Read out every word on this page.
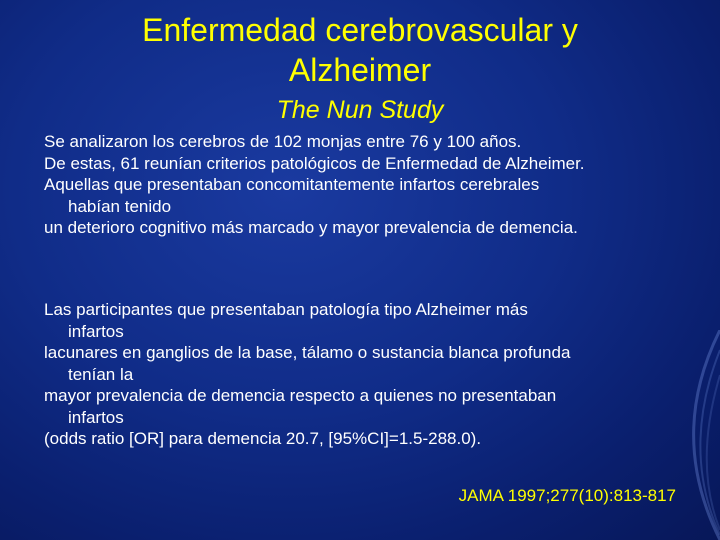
Enfermedad cerebrovascular y
Alzheimer
The Nun Study
Se analizaron los cerebros de 102 monjas entre 76 y 100 años.
De estas, 61 reunían criterios patológicos de Enfermedad de Alzheimer.
Aquellas que presentaban concomitantemente infartos cerebrales
habían tenido
un deterioro cognitivo más marcado y mayor prevalencia de demencia.
Las participantes que presentaban patología tipo Alzheimer más
infartos
lacunares en ganglios de la base, tálamo o sustancia blanca profunda
tenían la
mayor prevalencia de demencia respecto a quienes no presentaban
infartos
(odds ratio [OR] para demencia 20.7, [95%CI]=1.5-288.0).
JAMA 1997;277(10):813-817
